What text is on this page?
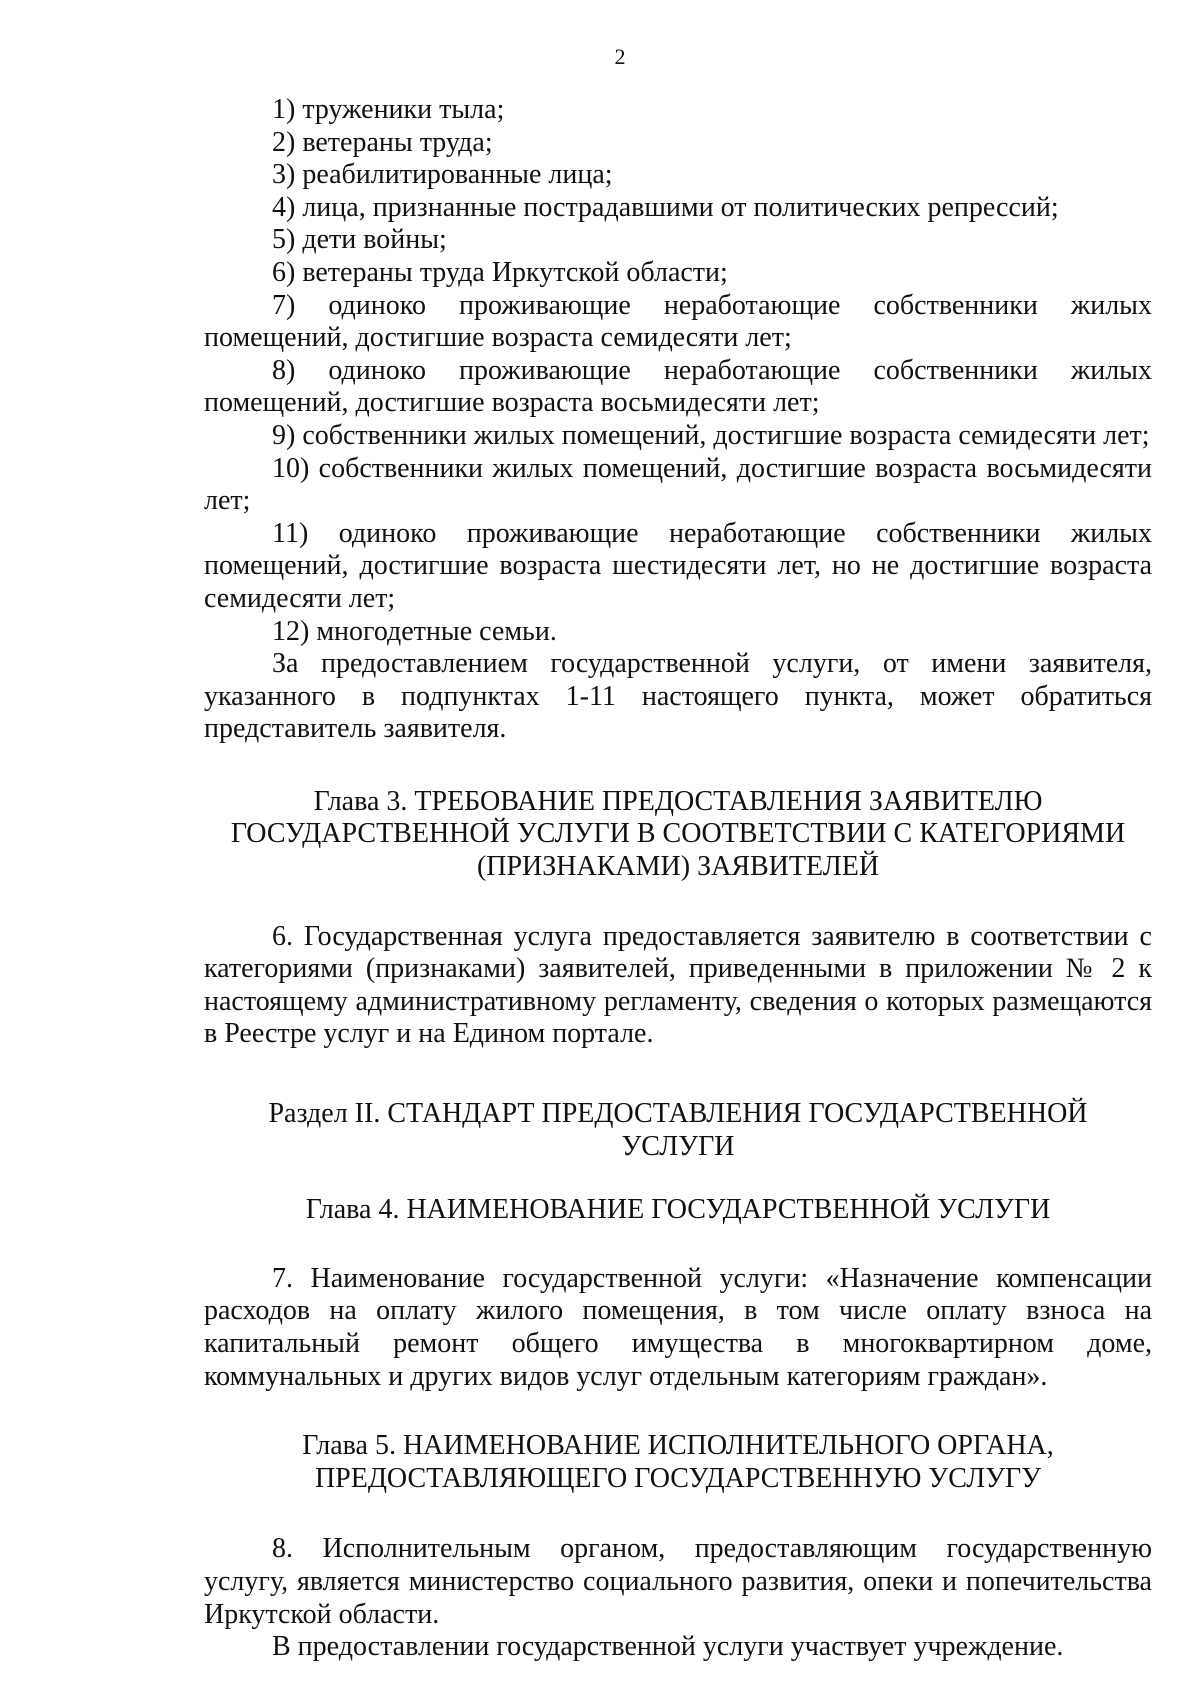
2

1) труженики тыла;

2) ветераны труда;

3) реабилитированные лица;

4) лица, признанные пострадавшими от политических репрессий;

5) дети войны;

6) ветераны труда Иркутской области;

7) одиноко проживающие неработающие собственники жилых помещений, достигшие возраста семидесяти лет;

8) одиноко проживающие неработающие собственники жилых помещений, достигшие возраста восьмидесяти лет;

9) собственники жилых помещений, достигшие возраста семидесяти лет;

10) собственники жилых помещений, достигшие возраста восьмидесяти лет;

11) одиноко проживающие неработающие собственники жилых помещений, достигшие возраста шестидесяти лет, но не достигшие возраста семидесяти лет;

12) многодетные семьи.

За предоставлением государственной услуги, от имени заявителя, указанного в подпунктах 1-11 настоящего пункта, может обратиться представитель заявителя.

Глава 3. ТРЕБОВАНИЕ ПРЕДОСТАВЛЕНИЯ ЗАЯВИТЕЛЮ
ГОСУДАРСТВЕННОЙ УСЛУГИ В СООТВЕТСТВИИ С КАТЕГОРИЯМИ
(ПРИЗНАКАМИ) ЗАЯВИТЕЛЕЙ

6. Государственная услуга предоставляется заявителю в соответствии с категориями (признаками) заявителей, приведенными в приложении № 2 к настоящему административному регламенту, сведения о которых размещаются в Реестре услуг и на Едином портале.

Раздел II. СТАНДАРТ ПРЕДОСТАВЛЕНИЯ ГОСУДАРСТВЕННОЙ
УСЛУГИ
Глава 4. НАИМЕНОВАНИЕ ГОСУДАРСТВЕННОЙ УСЛУГИ

7. Наименование государственной услуги: «Назначение компенсации расходов на оплату жилого помещения, в том числе оплату взноса на капитальный ремонт общего имущества в многоквартирном доме, коммунальных и других видов услуг отдельным категориям граждан».

Глава 5. НАИМЕНОВАНИЕ ИСПОЛНИТЕЛЬНОГО ОРГАНА,
ПРЕДОСТАВЛЯЮЩЕГО ГОСУДАРСТВЕННУЮ УСЛУГУ

8. Исполнительным органом, предоставляющим государственную услугу, является министерство социального развития, опеки и попечительства Иркутской области.

В предоставлении государственной услуги участвует учреждение.
